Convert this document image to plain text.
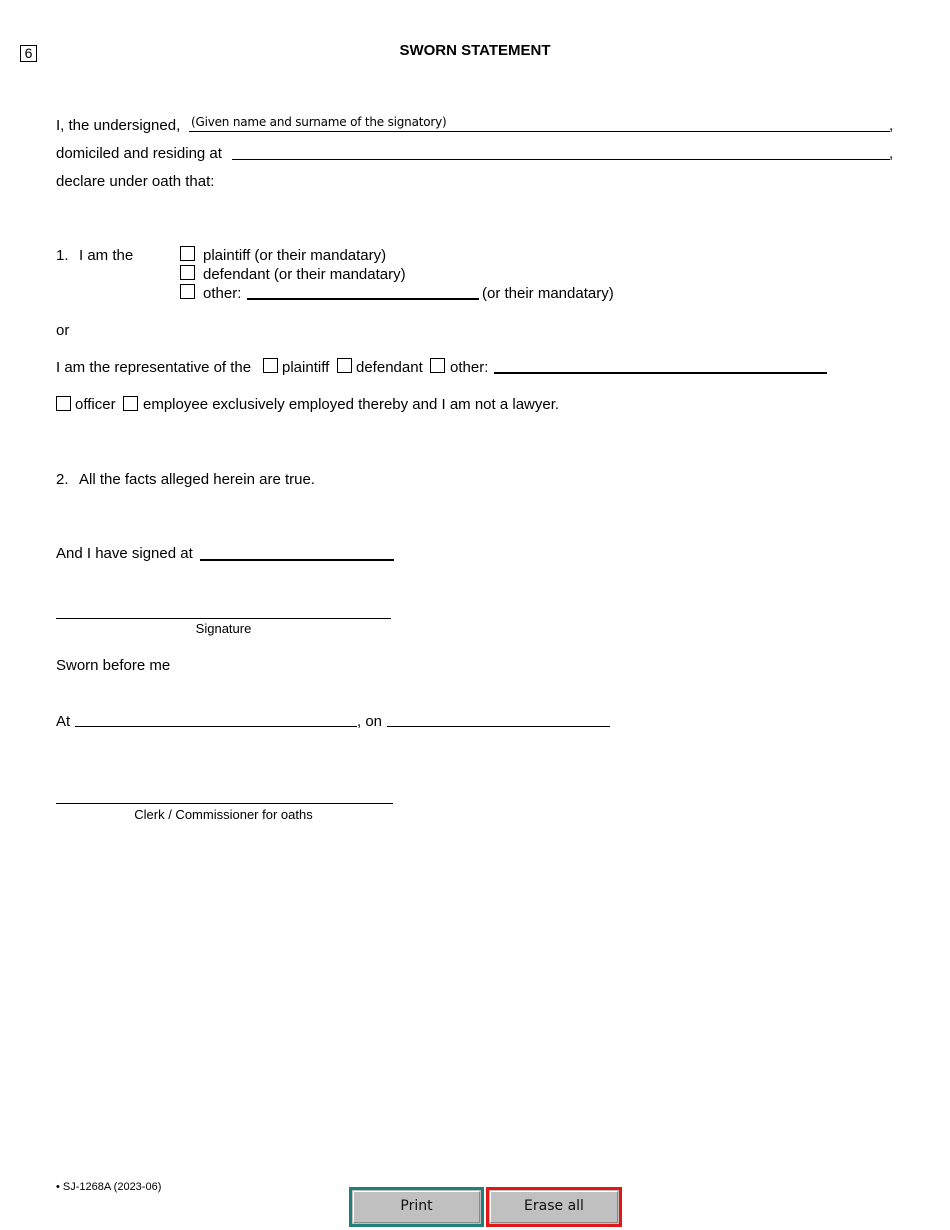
6	SWORN STATEMENT
I, the undersigned, (Given name and surname of the signatory)	,
domiciled and residing at	,
declare under oath that:
1. I am the	plaintiff (or their mandatary)
defendant (or their mandatary)
other:	(or their mandatary)
or
I am the representative of the plaintiff defendant other:
officer employee exclusively employed thereby and I am not a lawyer.
2. All the facts alleged herein are true.
And I have signed at
Signature
Sworn before me
At	, on
Clerk / Commissioner for oaths
• SJ-1268A (2023-06)
Print	Erase all
